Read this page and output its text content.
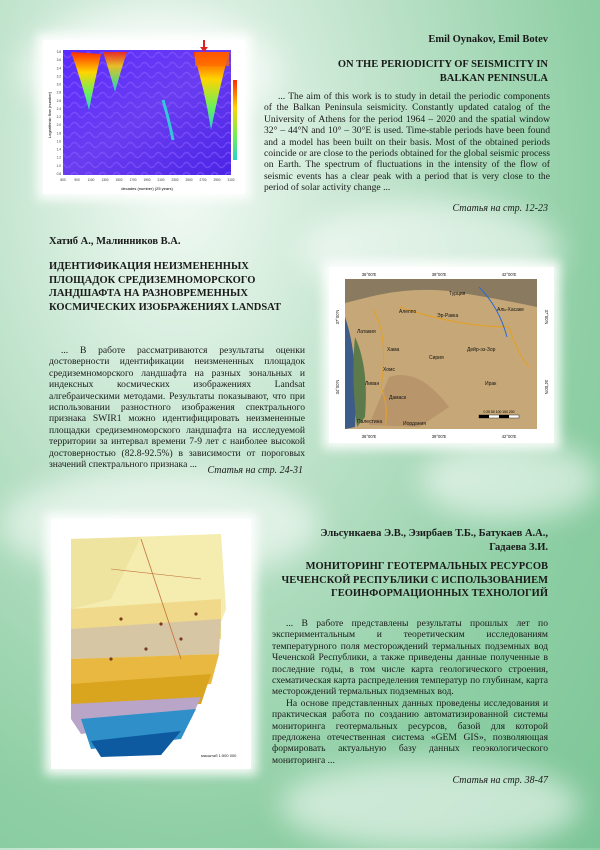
Logarithmic flow (number)
3.8
3.6
3.4
3.2
3.0
2.8
2.6
2.4
2.2
2.0
1.8
1.6
1.4
1.2
1.0
0.8
800	900 1100 1300 1500 1700 1900 2100 2300 2500 2700 2900 3100
decades (number) (25 years)
Emil Oynakov, Emil Botev
ON THE PERIODICITY OF SEISMICITY IN BALKAN PENINSULA
... The aim of this work is to study in detail the periodic components of the Balkan Peninsula seismicity. Constantly updated catalog of the University of Athens for the period 1964 – 2020 and the spatial window 32° – 44°N and 10° – 30°E is used. Time-stable periods have been found and a model has been built on their basis. Most of the obtained periods coincide or are close to the periods obtained for the global seismic process on Earth. The spectrum of fluctuations in the intensity of the flow of seismic events has a clear peak with a period that is very close to the period of solar activity change ...
Статья на стр. 12-23
Хатиб А., Малинников В.А.
ИДЕНТИФИКАЦИЯ НЕИЗМЕНЕННЫХ ПЛОЩАДОК СРЕДИЗЕМНОМОРСКОГО ЛАНДШАФТА НА РАЗНОВРЕМЕННЫХ КОСМИЧЕСКИХ ИЗОБРАЖЕНИЯХ LANDSAT
... В работе рассматриваются результаты оценки достоверности идентификации неизмененных площадок средиземноморского ландшафта на разных зональных и индексных космических изображениях Landsat алгебраическими методами. Результаты показывают, что при использовании разностного изображения спектрального признака SWIR1 можно идентифицировать неизмененные площадки средиземноморского ландшафта на исследуемой территории за интервал времени 7-9 лет с наиболее высокой достоверностью (82.8-92.5%) в зависимости от пороговых значений спектрального признака ...
Статья на стр. 24-31
Турция
Алеппо
Эр-Ракка
Аль-Хасаке
Латакия
Хама
Хомс
Сирия
Дейр-эз-Зор
Ливан
Дамаск
Ирак
Иордания
Палестина
36°00'E	39°00'E	42°00'E
36°00'E	39°00'E	42°00'E
37°00'N
34°00'N
37°00'N
34°00'N
0 25 50 100 150 200
масштаб 1:500 000
Эльсункаева Э.В., Эзирбаев Т.Б., Батукаев А.А.,
Гадаева З.И.
МОНИТОРИНГ ГЕОТЕРМАЛЬНЫХ РЕСУРСОВ ЧЕЧЕНСКОЙ РЕСПУБЛИКИ С ИСПОЛЬЗОВАНИЕМ ГЕОИНФОРМАЦИОННЫХ ТЕХНОЛОГИЙ
... В работе представлены результаты прошлых лет по экспериментальным и теоретическим исследованиям температурного поля месторождений термальных подземных вод Чеченской Республики, а также приведены данные полученные в последние годы, в том числе карта геологического строения, схематическая карта распределения температур по глубинам, карта месторождений термальных подземных вод.
На основе представленных данных проведены исследования и практическая работа по созданию автоматизированной системы мониторинга геотермальных ресурсов, базой для которой предложена отечественная система «GEM GIS», позволяющая формировать актуальную базу данных геоэкологического мониторинга ...
Статья на стр. 38-47
